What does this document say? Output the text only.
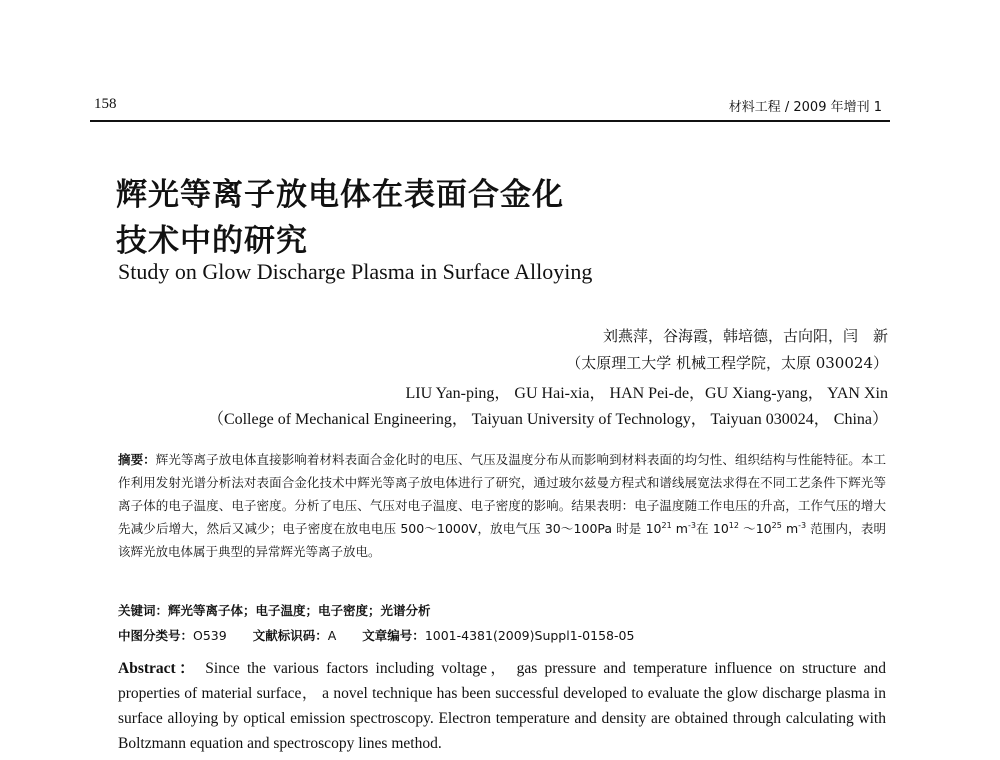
158	材料工程 / 2009 年增刊 1
辉光等离子放电体在表面合金化
技术中的研究
Study on Glow Discharge Plasma in Surface Alloying
刘燕萍，谷海霞，韩培德，古向阳，闫　新
（太原理工大学 机械工程学院，太原 030024）
LIU Yan-ping， GU Hai-xia， HAN Pei-de，GU Xiang-yang， YAN Xin
（College of Mechanical Engineering， Taiyuan University of Technology， Taiyuan 030024， China）
摘要：辉光等离子放电体直接影响着材料表面合金化时的电压、气压及温度分布从而影响到材料表面的均匀性、组织结构与性能特征。本工作利用发射光谱分析法对表面合金化技术中辉光等离子放电体进行了研究，通过玻尔兹曼方程式和谱线展宽法求得在不同工艺条件下辉光等离子体的电子温度、电子密度。分析了电压、气压对电子温度、电子密度的影响。结果表明：电子温度随工作电压的升高，工作气压的增大先减少后增大，然后又减少；电子密度在放电电压 500～1000V，放电气压 30～100Pa 时是 $10^{21}$ $m^{-3}$在 $10^{12}$ $\sim 10^{25}$ $m^{-3}$ 范围内，表明该辉光放电体属于典型的异常辉光等离子放电。
关键词：辉光等离子体；电子温度；电子密度；光谱分析
中图分类号：O539 文献标识码：A 文章编号：1001-4381(2009)Suppl1-0158-05
Abstract： Since the various factors including voltage， gas pressure and temperature influence on structure and properties of material surface， a novel technique has been successful developed to evaluate the glow discharge plasma in surface alloying by optical emission spectroscopy. Electron temperature and density are obtained through calculating with Boltzmann equation and spectroscopy lines method.
